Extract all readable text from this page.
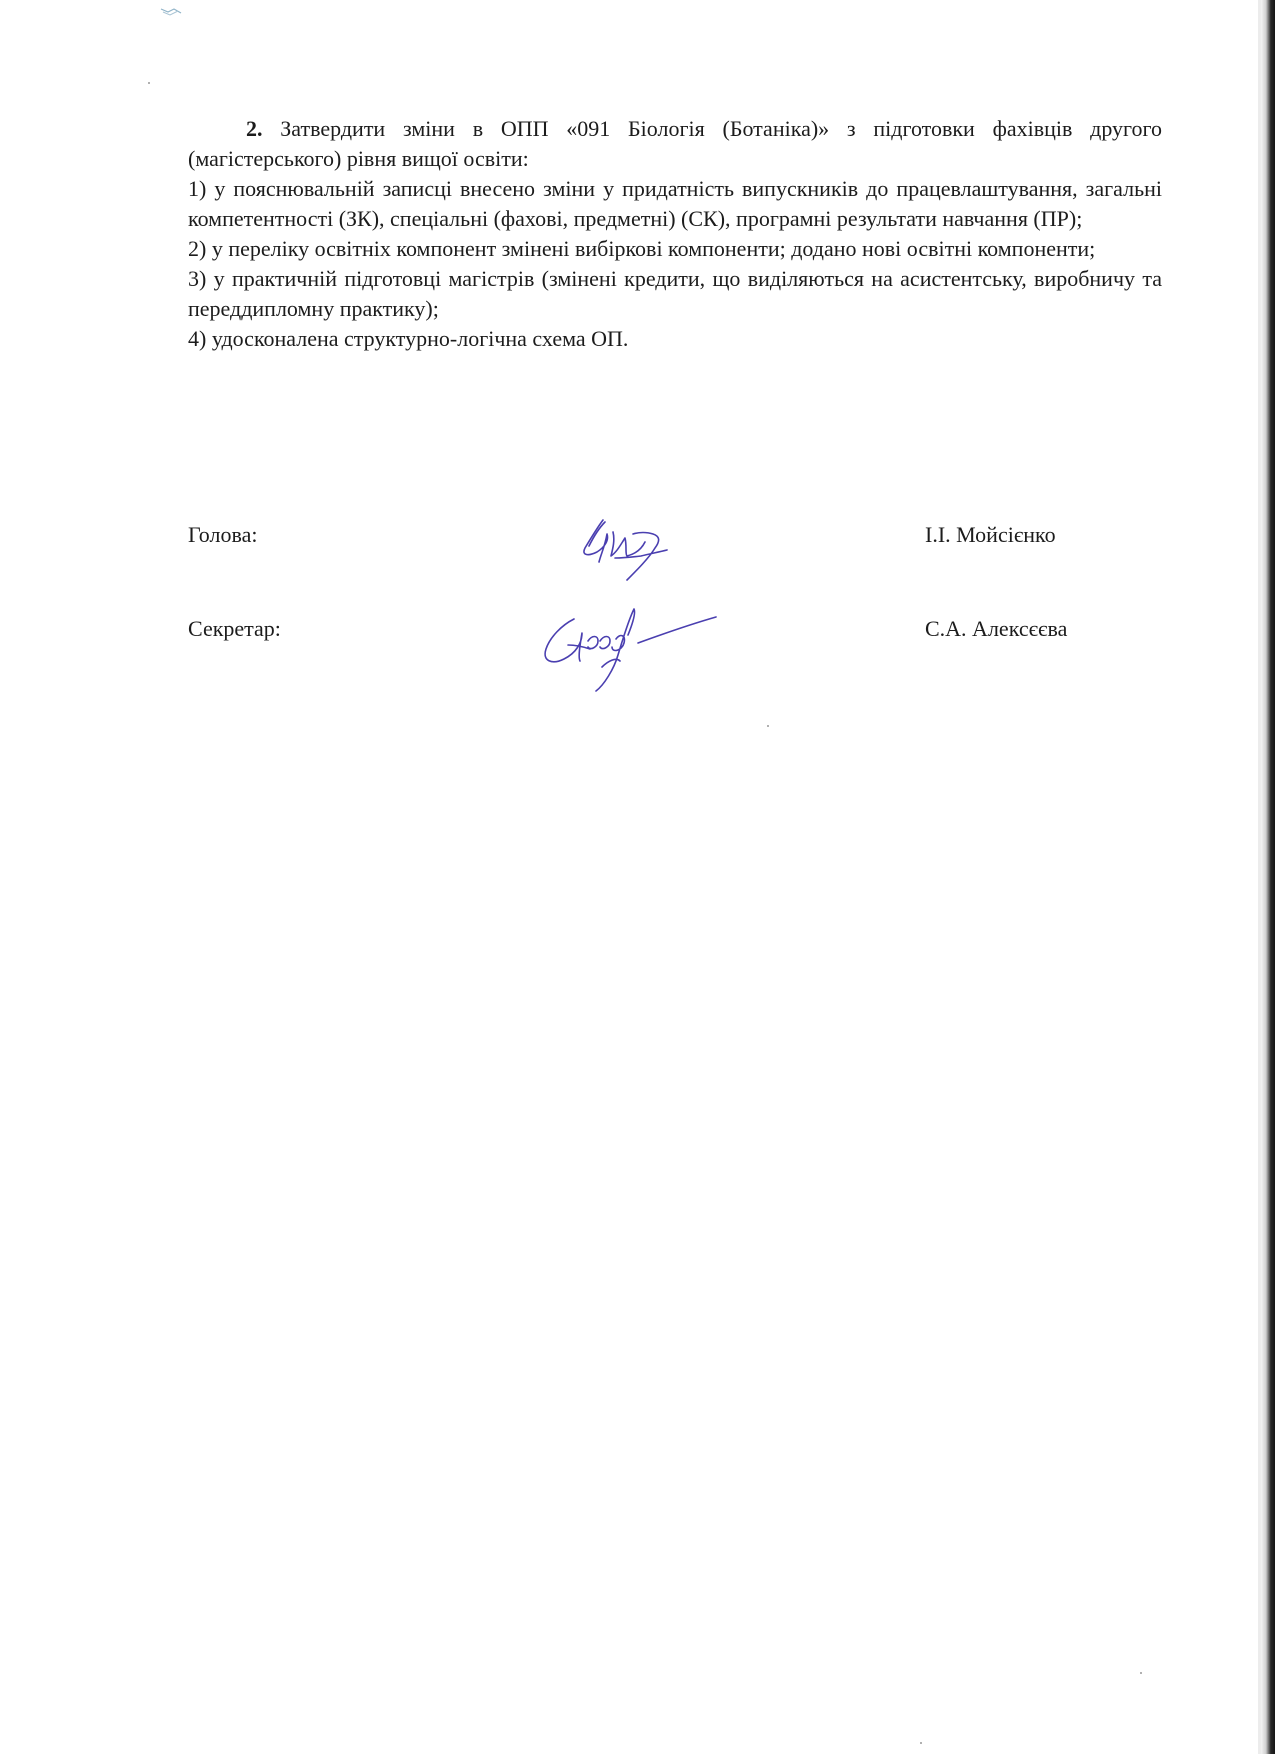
2. Затвердити зміни в ОПП «091 Біологія (Ботаніка)» з підготовки фахівців другого (магістерського) рівня вищої освіти:

1) у пояснювальній записці внесено зміни у придатність випускників до працевлаштування, загальні компетентності (ЗК), спеціальні (фахові, предметні) (СК), програмні результати навчання (ПР);

2) у переліку освітніх компонент змінені вибіркові компоненти; додано нові освітні компоненти;

3) у практичній підготовці магістрів (змінені кредити, що виділяються на асистентську, виробничу та переддипломну практику);

4) удосконалена структурно-логічна схема ОП.

Голова:	І.І. Мойсієнко
Секретар:	С.А. Алексєєва
